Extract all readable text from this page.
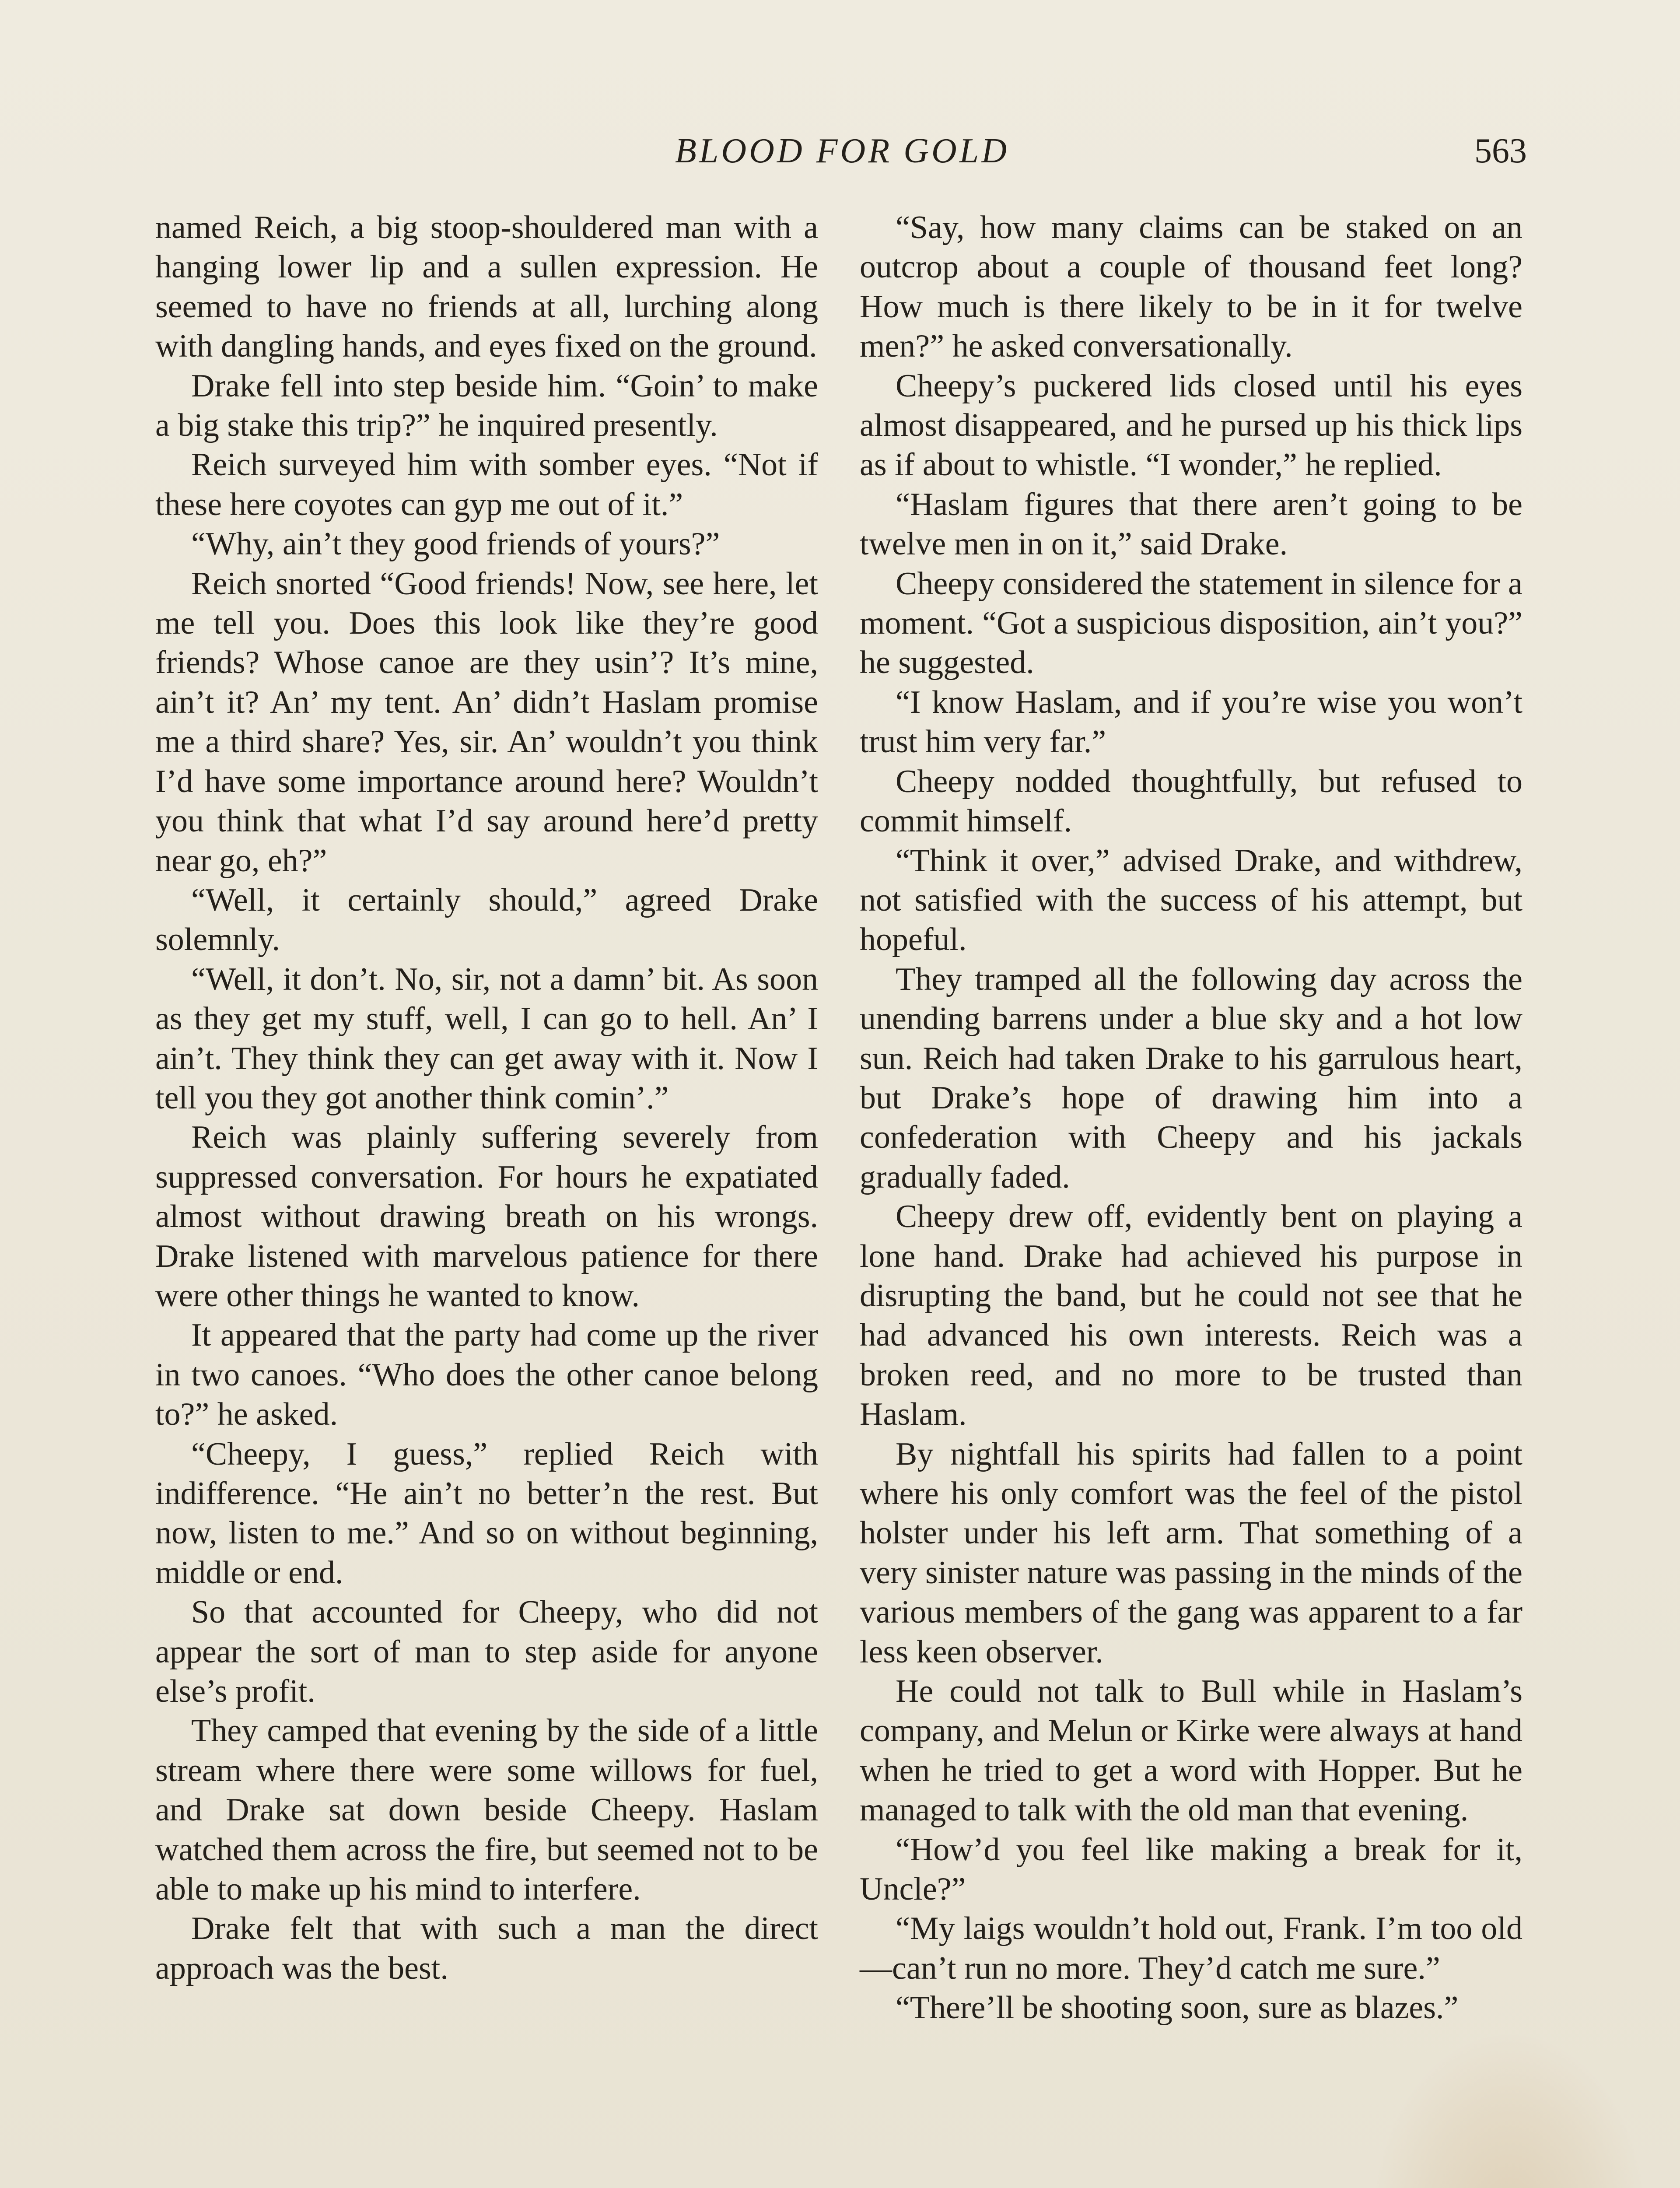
BLOOD FOR GOLD	563

named Reich, a big stoop-shouldered man with a hanging lower lip and a sullen expression. He seemed to have no friends at all, lurching along with dangling hands, and eyes fixed on the ground.

Drake fell into step beside him. “Goin’ to make a big stake this trip?” he inquired presently.

Reich surveyed him with somber eyes. “Not if these here coyotes can gyp me out of it.”

“Why, ain’t they good friends of yours?”

Reich snorted “Good friends! Now, see here, let me tell you. Does this look like they’re good friends? Whose canoe are they usin’? It’s mine, ain’t it? An’ my tent. An’ didn’t Haslam promise me a third share? Yes, sir. An’ wouldn’t you think I’d have some importance around here? Wouldn’t you think that what I’d say around here’d pretty near go, eh?”

“Well, it certainly should,” agreed Drake solemnly.

“Well, it don’t. No, sir, not a damn’ bit. As soon as they get my stuff, well, I can go to hell. An’ I ain’t. They think they can get away with it. Now I tell you they got another think comin’.”

Reich was plainly suffering severely from suppressed conversation. For hours he expatiated almost without drawing breath on his wrongs. Drake listened with marvelous patience for there were other things he wanted to know.

It appeared that the party had come up the river in two canoes. “Who does the other canoe belong to?” he asked.

“Cheepy, I guess,” replied Reich with indifference. “He ain’t no better’n the rest. But now, listen to me.” And so on without beginning, middle or end.

So that accounted for Cheepy, who did not appear the sort of man to step aside for anyone else’s profit.

They camped that evening by the side of a little stream where there were some willows for fuel, and Drake sat down beside Cheepy. Haslam watched them across the fire, but seemed not to be able to make up his mind to interfere.

Drake felt that with such a man the direct approach was the best.

“Say, how many claims can be staked on an outcrop about a couple of thousand feet long? How much is there likely to be in it for twelve men?” he asked conversationally.

Cheepy’s puckered lids closed until his eyes almost disappeared, and he pursed up his thick lips as if about to whistle. “I wonder,” he replied.

“Haslam figures that there aren’t going to be twelve men in on it,” said Drake.

Cheepy considered the statement in silence for a moment. “Got a suspicious disposition, ain’t you?” he suggested.

“I know Haslam, and if you’re wise you won’t trust him very far.”

Cheepy nodded thoughtfully, but refused to commit himself.

“Think it over,” advised Drake, and withdrew, not satisfied with the success of his attempt, but hopeful.

They tramped all the following day across the unending barrens under a blue sky and a hot low sun. Reich had taken Drake to his garrulous heart, but Drake’s hope of drawing him into a confederation with Cheepy and his jackals gradually faded.

Cheepy drew off, evidently bent on playing a lone hand. Drake had achieved his purpose in disrupting the band, but he could not see that he had advanced his own interests. Reich was a broken reed, and no more to be trusted than Haslam.

By nightfall his spirits had fallen to a point where his only comfort was the feel of the pistol holster under his left arm. That something of a very sinister nature was passing in the minds of the various members of the gang was apparent to a far less keen observer.

He could not talk to Bull while in Haslam’s company, and Melun or Kirke were always at hand when he tried to get a word with Hopper. But he managed to talk with the old man that evening.

“How’d you feel like making a break for it, Uncle?”

“My laigs wouldn’t hold out, Frank. I’m too old—can’t run no more. They’d catch me sure.”

“There’ll be shooting soon, sure as blazes.”
